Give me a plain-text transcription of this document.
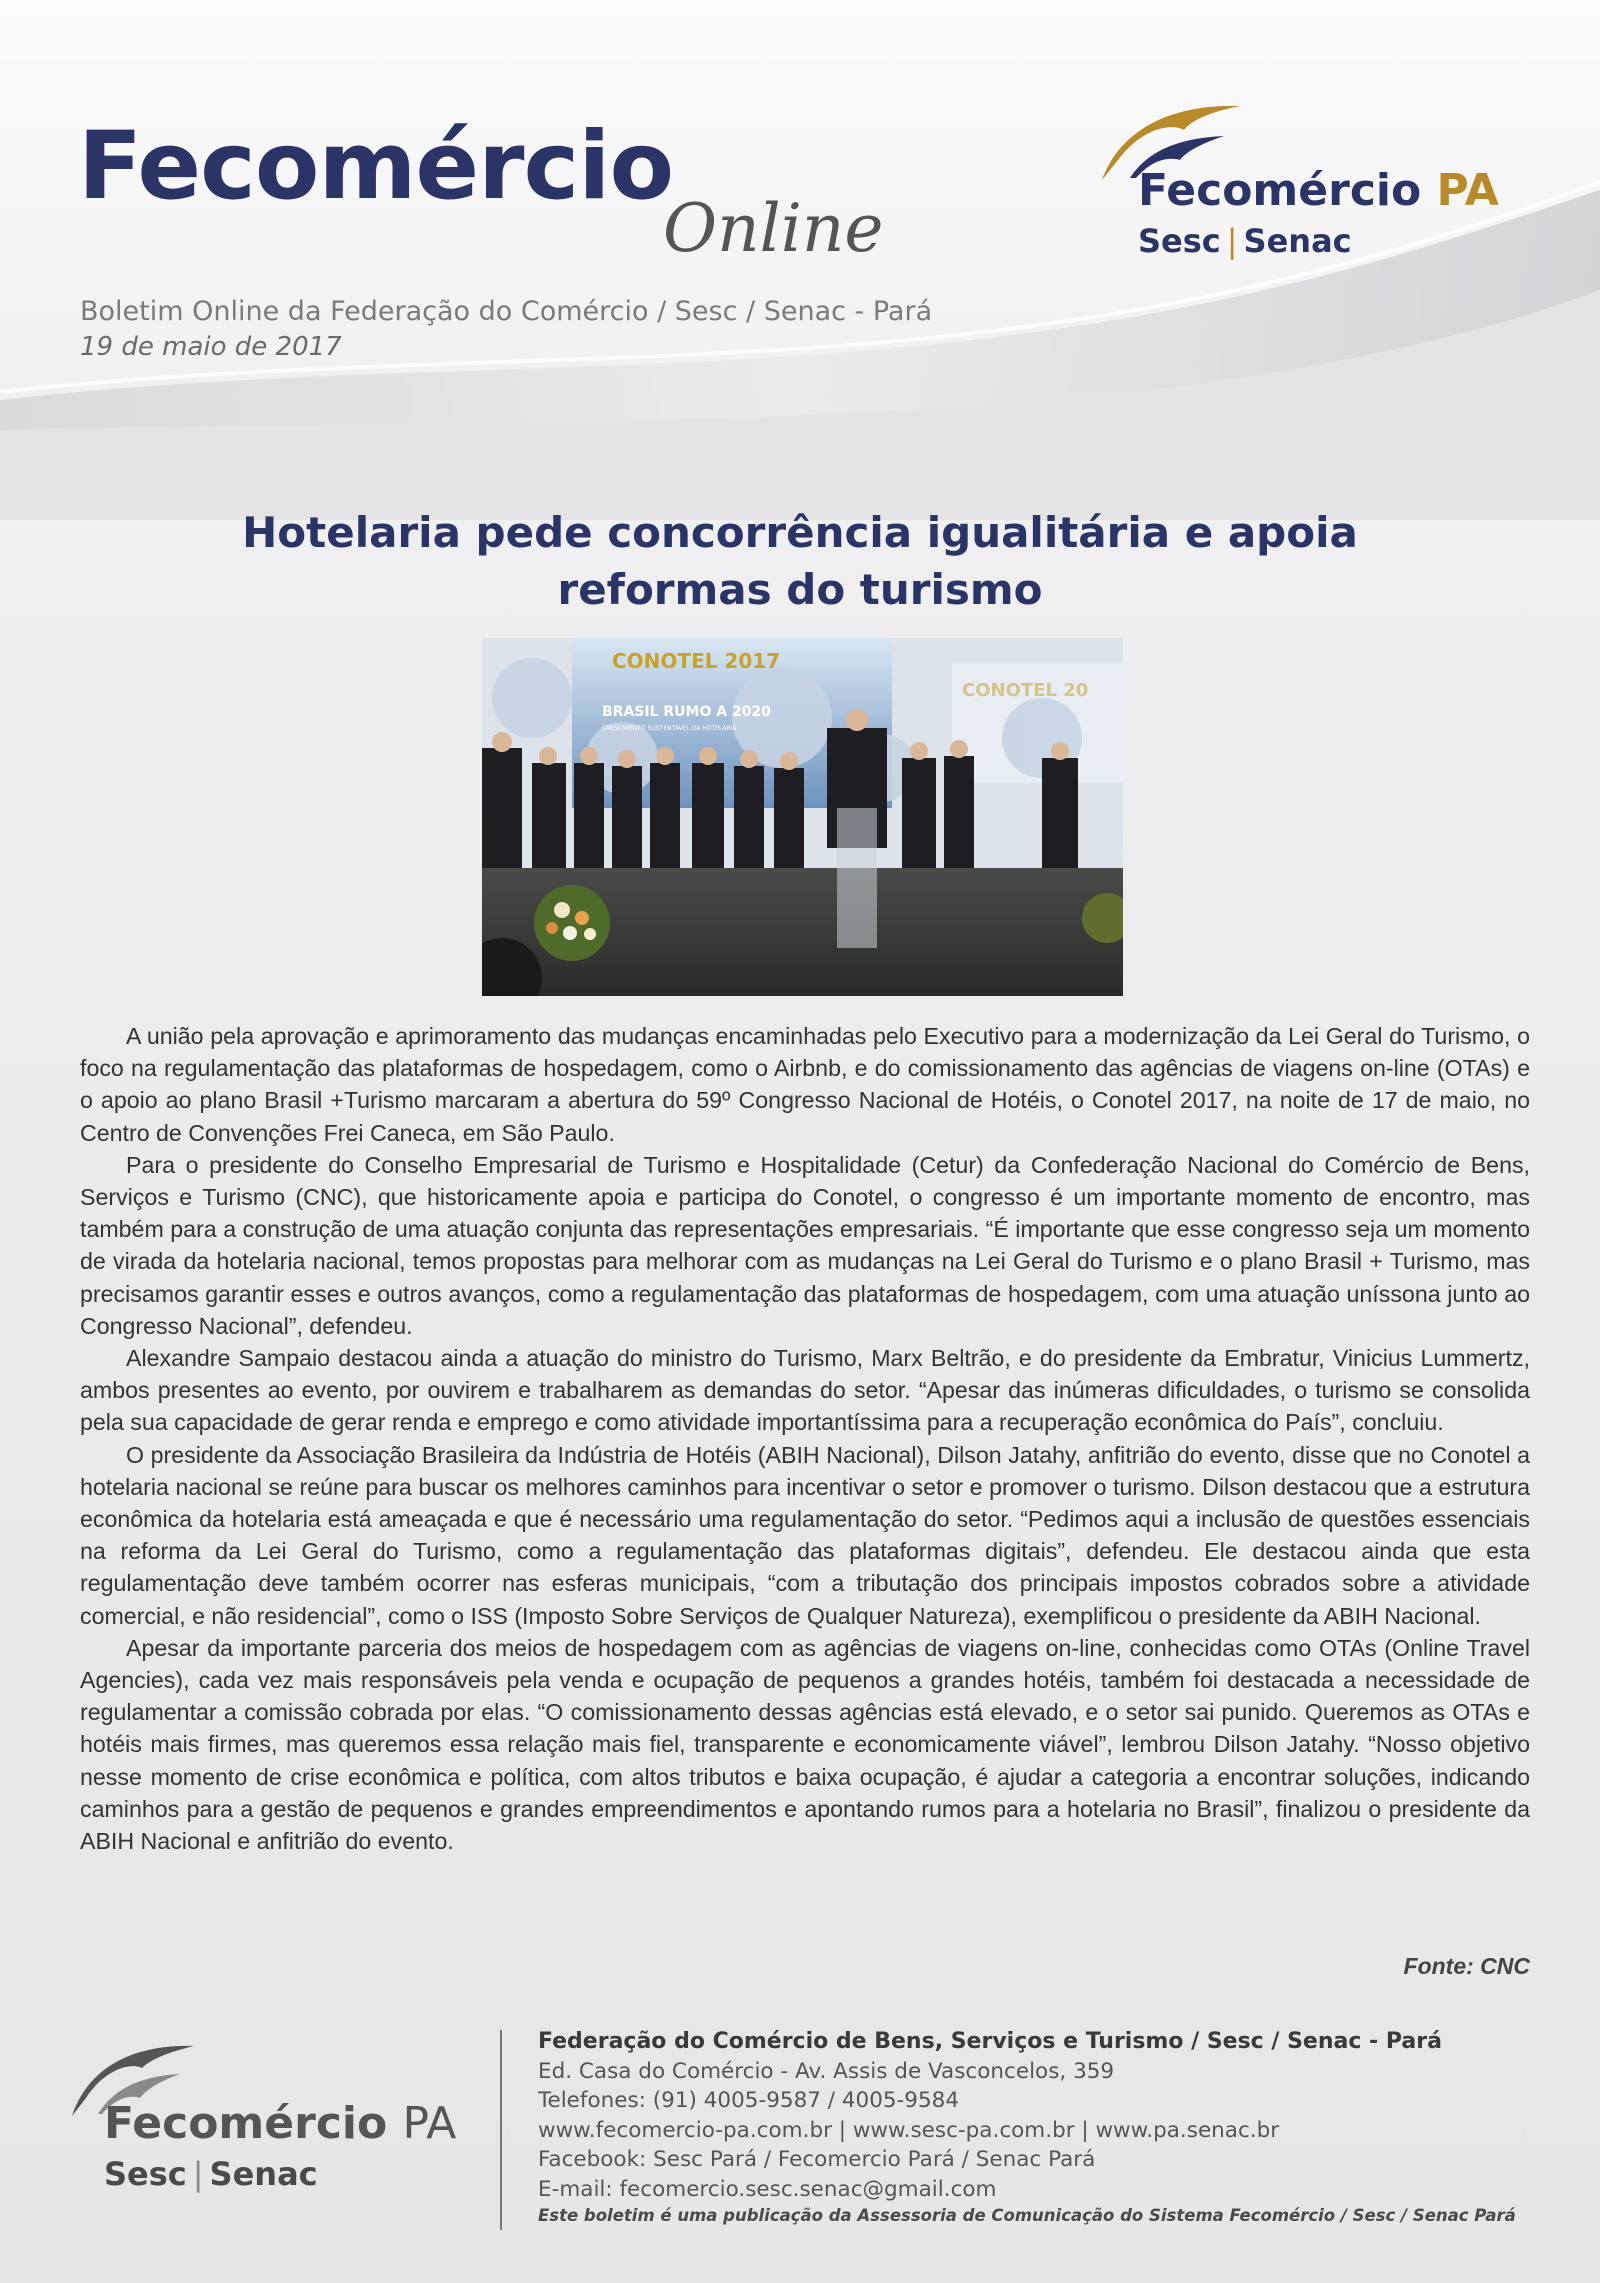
Fecomércio
Online
Boletim Online da Federação do Comércio / Sesc / Senac - Pará
19 de maio de 2017
Fecomércio PA
Sesc | Senac
Hotelaria pede concorrência igualitária e apoia
reformas do turismo
CONOTEL 2017
BRASIL RUMO A 2020
CRESCIMENTO SUSTENTÁVEL DA HOTELARIA
CONOTEL 20

A união pela aprovação e aprimoramento das mudanças encaminhadas pelo Executivo para a modernização da Lei Geral do Turismo, o foco na regulamentação das plataformas de hospedagem, como o Airbnb, e do comissionamento das agências de viagens on-line (OTAs) e o apoio ao plano Brasil +Turismo marcaram a abertura do 59º Congresso Nacional de Hotéis, o Conotel 2017, na noite de 17 de maio, no Centro de Convenções Frei Caneca, em São Paulo.

Para o presidente do Conselho Empresarial de Turismo e Hospitalidade (Cetur) da Confederação Nacional do Comércio de Bens, Serviços e Turismo (CNC), que historicamente apoia e participa do Conotel, o congresso é um importante momento de encontro, mas também para a construção de uma atuação conjunta das representações empresariais. “É importante que esse congresso seja um momento de virada da hotelaria nacional, temos propostas para melhorar com as mudanças na Lei Geral do Turismo e o plano Brasil + Turismo, mas precisamos garantir esses e outros avanços, como a regulamentação das plataformas de hospedagem, com uma atuação uníssona junto ao Congresso Nacional”, defendeu.

Alexandre Sampaio destacou ainda a atuação do ministro do Turismo, Marx Beltrão, e do presidente da Embratur, Vinicius Lummertz, ambos presentes ao evento, por ouvirem e trabalharem as demandas do setor. “Apesar das inúmeras dificuldades, o turismo se consolida pela sua capacidade de gerar renda e emprego e como atividade importantíssima para a recuperação econômica do País”, concluiu.

O presidente da Associação Brasileira da Indústria de Hotéis (ABIH Nacional), Dilson Jatahy, anfitrião do evento, disse que no Conotel a hotelaria nacional se reúne para buscar os melhores caminhos para incentivar o setor e promover o turismo. Dilson destacou que a estrutura econômica da hotelaria está ameaçada e que é necessário uma regulamentação do setor. “Pedimos aqui a inclusão de questões essenciais na reforma da Lei Geral do Turismo, como a regulamentação das plataformas digitais”, defendeu. Ele destacou ainda que esta regulamentação deve também ocorrer nas esferas municipais, “com a tributação dos principais impostos cobrados sobre a atividade comercial, e não residencial”, como o ISS (Imposto Sobre Serviços de Qualquer Natureza), exemplificou o presidente da ABIH Nacional.

Apesar da importante parceria dos meios de hospedagem com as agências de viagens on-line, conhecidas como OTAs (Online Travel Agencies), cada vez mais responsáveis pela venda e ocupação de pequenos a grandes hotéis, também foi destacada a necessidade de regulamentar a comissão cobrada por elas. “O comissionamento dessas agências está elevado, e o setor sai punido. Queremos as OTAs e hotéis mais firmes, mas queremos essa relação mais fiel, transparente e economicamente viável”, lembrou Dilson Jatahy. “Nosso objetivo nesse momento de crise econômica e política, com altos tributos e baixa ocupação, é ajudar a categoria a encontrar soluções, indicando caminhos para a gestão de pequenos e grandes empreendimentos e apontando rumos para a hotelaria no Brasil”, finalizou o presidente da ABIH Nacional e anfitrião do evento.

Fonte: CNC
Fecomércio PA
Sesc | Senac
Federação do Comércio de Bens, Serviços e Turismo / Sesc / Senac - Pará
Ed. Casa do Comércio - Av. Assis de Vasconcelos, 359
Telefones: (91) 4005-9587 / 4005-9584
www.fecomercio-pa.com.br | www.sesc-pa.com.br | www.pa.senac.br
Facebook: Sesc Pará / Fecomercio Pará / Senac Pará
E-mail: fecomercio.sesc.senac@gmail.com
Este boletim é uma publicação da Assessoria de Comunicação do Sistema Fecomércio / Sesc / Senac Pará
